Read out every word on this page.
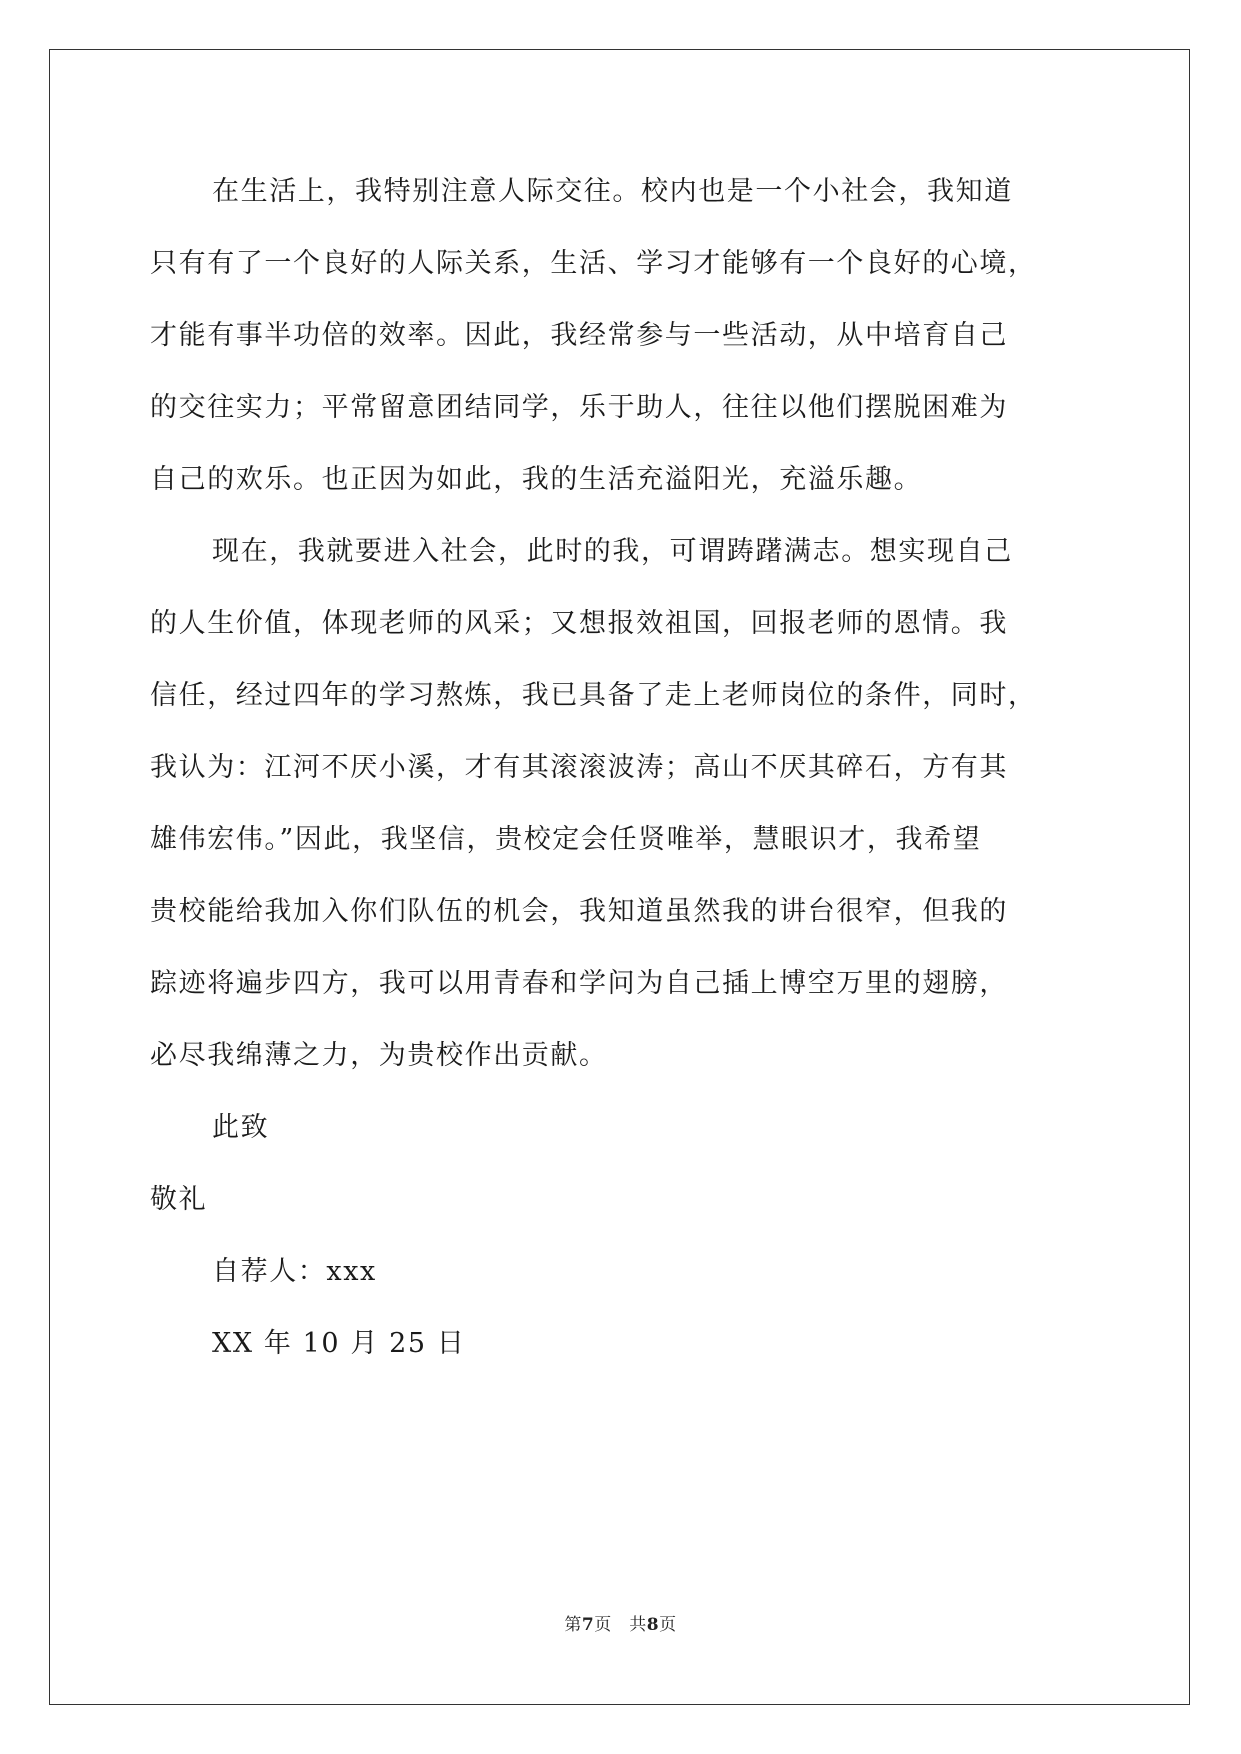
在生活上，我特别注意人际交往。校内也是一个小社会，我知道
只有有了一个良好的人际关系，生活、学习才能够有一个良好的心境，
才能有事半功倍的效率。因此，我经常参与一些活动，从中培育自己
的交往实力；平常留意团结同学，乐于助人，往往以他们摆脱困难为
自己的欢乐。也正因为如此，我的生活充溢阳光，充溢乐趣。
现在，我就要进入社会，此时的我，可谓踌躇满志。想实现自己
的人生价值，体现老师的风采；又想报效祖国，回报老师的恩情。我
信任，经过四年的学习熬炼，我已具备了走上老师岗位的条件，同时，
我认为：江河不厌小溪，才有其滚滚波涛；高山不厌其碎石，方有其
雄伟宏伟。”因此，我坚信，贵校定会任贤唯举，慧眼识才，我希望
贵校能给我加入你们队伍的机会，我知道虽然我的讲台很窄，但我的
踪迹将遍步四方，我可以用青春和学问为自己插上博空万里的翅膀，
必尽我绵薄之力，为贵校作出贡献。
此致
敬礼
自荐人：xxx
XX 年 10 月 25 日
第7页　共8页
